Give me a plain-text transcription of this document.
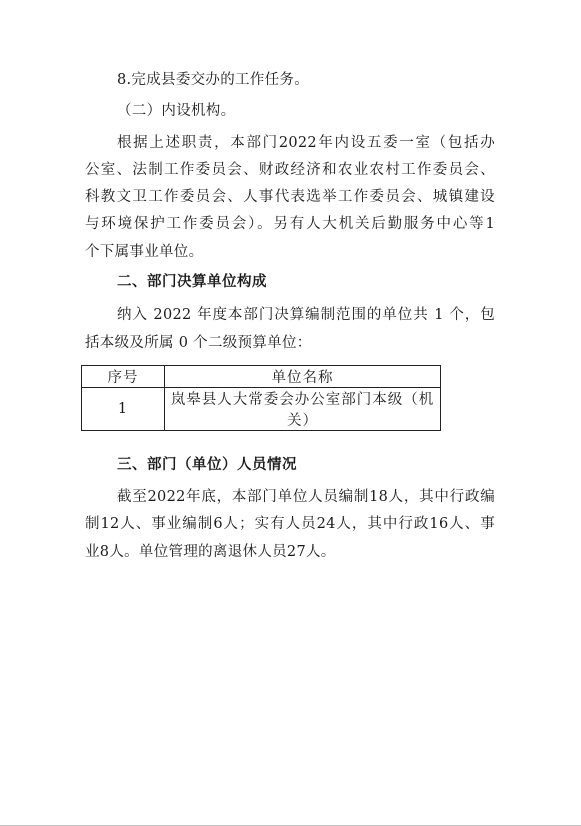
8.完成县委交办的工作任务。
（二）内设机构。
根据上述职责，本部门2022年内设五委一室（包括办
公室、法制工作委员会、财政经济和农业农村工作委员会、
科教文卫工作委员会、人事代表选举工作委员会、城镇建设
与环境保护工作委员会）。另有人大机关后勤服务中心等1
个下属事业单位。
二、部门决算单位构成
纳入 2022 年度本部门决算编制范围的单位共 1 个，包
括本级及所属 0 个二级预算单位：
序号	单位名称
1	岚皋县人大常委会办公室部门本级（机关）
三、部门（单位）人员情况
截至2022年底，本部门单位人员编制18人，其中行政编
制12人、事业编制6人；实有人员24人，其中行政16人、事
业8人。单位管理的离退休人员27人。
